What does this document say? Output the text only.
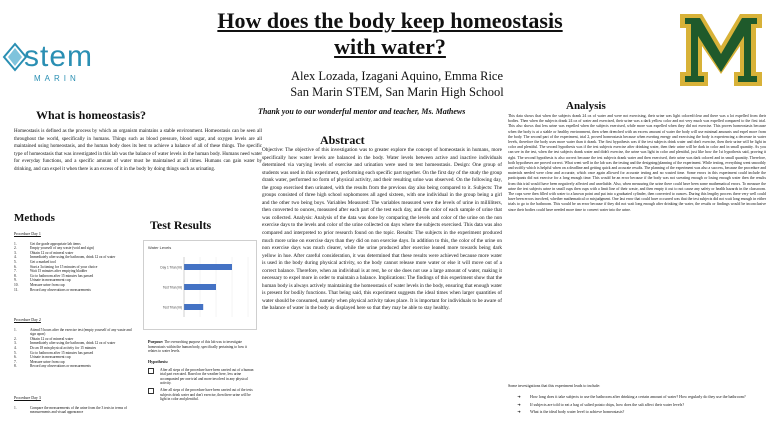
How does the body keep homeostasis with water?
Alex Lozada, Izagani Aquino, Emma Rice
San Marin STEM, San Marin High School
Thank you to our wonderful mentor and teacher, Ms. Mathews
stem
MARIN
What is homeostasis?
Homeostasis is defined as the process by which an organism maintains a stable environment. Homeostasis can be seen all throughout the world, specifically in humans. Things such as blood pressure, blood sugar, and oxygen levels are all maintained using homeostasis, and the human body does its best to achieve a balance of all of these things. The specific type of homeostasis that was investigated in this lab was the balance of water levels in the human body. Humans need water for everyday functions, and a specific amount of water must be maintained at all times. Humans can gain water by drinking, and can expel it when there is an excess of it in the body by doing things such as urinating.
Methods
Procedure Day 1
1.	Get the grade appropriate lab items
2.	Empty yourself of any waste (void and sign)
3.	Obtain 12 oz of mineral water
4.	Immediately after using the bathroom, drink 12 oz of water
5.	Get a marked tool
6.	Start a 3a timing for 15 minutes of your choice
7.	Wait 15 minutes after emptying bladder
8.	Go to bathroom after 15 minutes has passed
9.	Urinate in measurement cup
10.	Measure urine from cup
11.	Record any observations or measurements
Procedure Day 2
1.	Attend 5 hours after the exercise test (empty yourself of any waste and sign upon)
2.	Obtain 12 oz of mineral water
3.	Immediately after using the bathroom, drink 12 oz of water
4.	Do an 18 min physical activity for 15 minutes
5.	Go to bathroom after 15 minutes has passed
6.	Urinate in measurement cup
7.	Measure urine from cup
8.	Record any observations or measurements
Procedure Day 3
1.	Compare the measurements of the urine from the 3 tests in terms of measurements and visual appearance
Test Results
Water Levels
Day 1 Trial (ml)
Test Trial (ml)
Test Trial (ml)
Purpose: The overarching purpose of this lab was to investigate homeostasis within the human body, specifically pertaining to how it relates to water levels.
Hypothesis:
After all steps of the procedure have been carried out of a human trial part executed. Based on the weather here, less urine accompanied per one trial and more involved in any physical activity.
After all steps of the procedure have been carried out of the tests subjects drink water and don't exercise, then there urine will be light in color and plentiful.
Abstract
Objective: The objective of this investigation was to greater explore the concept of homeostasis in humans, more specifically how water levels are balanced in the body. Water levels between active and inactive individuals determined via varying levels of exercise and urination were used to test homeostasis. Design: One group of students was used in this experiment, performing each specific part together. On the first day of the study the group drank water, performed no form of physical activity, and their resulting urine was observed. On the following day, the group exercised then urinated, with the results from the previous day also being compared to it. Subjects: The groups consisted of three high school sophomores all aged sixteen, with one individual in the group being a girl and the other two being boys. Variables Measured: The variables measured were the levels of urine in milliliters, then converted to ounces, measured after each part of the test each day, and the color of each sample of urine that was collected. Analysis: Analysis of the data was done by comparing the levels and color of the urine on the non exercise days to the levels and color of the urine collected on days where the subjects exercised. This data was also compared and interpreted to prior research found on the topic. Results: The subjects in the experiment produced much more urine on exercise days than they did on non exercise days. In addition to this, the color of the urine on non exercise days was much clearer, while the urine produced after exercise leaned more towards being dark yellow in hue. After careful consideration, it was determined that these results were achieved because more water is used in the body during physical activity, so the body cannot release more water or else it will move out of a correct balance. Therefore, when an individual is at rest, he or she does not use a large amount of water, making it necessary to expel more in order to maintain a balance. Implications: The findings of this experiment show that the human body is always actively maintaining the homeostasis of water levels in the body, ensuring that enough water is present for bodily functions. That being said, this experiment suggests the ideal times when larger quantities of water should be consumed, namely when physical activity takes place. It is important for individuals to be aware of the balance of water in the body as displayed here so that they may be able to stay healthy.
Analysis
This data shows that when the subjects drank 24 oz of water and were not exercising, their urine was light colored/clear and there was a lot expelled from their bodies. Then when the subjects drank 24 oz of water and exercised, their urine was a dark yellow color and not very much was expelled compared to the first trial. This also shows that less urine was expelled when the subjects exercised, while more was expelled when they did not exercise. This proves homeostasis because when the body is at a stable or healthy environment, then when drenched with an excess amount of water the body will use minimal amounts and expel more from the body. The second part of the experiment, trial 2, proved homeostasis because when exerting energy and exercising the body is experiencing a decrease in water levels, therefore the body uses more water than it drank. The first hypothesis was if the test subjects drink water and don't exercise, then their urine will be light in color and plentiful. The second hypothesis was if the test subjects exercise after drinking water, then their urine will be dark in color and in small quantity. As you can see in the test, when the test subjects drank water and didn't exercise, the urine was light in color and plentiful, just like how the 1st hypothesis said, proving it right. The second hypothesis is also correct because the test subjects drank water and then exercised, their urine was dark colored and in small quantity. Therefore, both hypotheses are proved correct. What went well in the lab was the testing and the designing/planning of the experiment. While testing, everything went smoothly and swiftly which is helpful when on a deadline and getting quick and accurate results. The planning of the experiment was also a success, because the procedure and materials needed were clear and accurate, which once again allowed for accurate testing and no wasted time. Some errors in this experiment could include the participants did not exercise for a long enough time. This would be an error because if the body was not sweating enough or losing enough water then the results from this trial would have been negatively affected and unreliable. Also, when measuring the urine there could have been some mathematical errors. To measure the urine the test subjects urine in small cups then cups with a limit line of their waste, and then empty it out to not cause any safety or health hazards in the classroom. The cups were then filled with water to a known point and put into a graduated cylinder, then converted to ounces. During this lengthy process there very well could have been errors involved, whether mathematical or misjudgment. One last error that could have occurred was that the test subjects did not wait long enough in either trials to go to the bathroom. This would be an error because if they did not wait long enough after drinking the water, the results or findings would be inconclusive since their bodies could have needed more time to convert water into the urine.
Some investigations that this experiment leads to include:
➔	How long does it take subjects to use the bathroom after drinking a certain amount of water? How regularly do they use the bathroom?
➔	If subjects are told to eat a bag of salted potato chips, how does the salt affect their water levels?
➔	What is the ideal body water level to achieve homeostasis?
